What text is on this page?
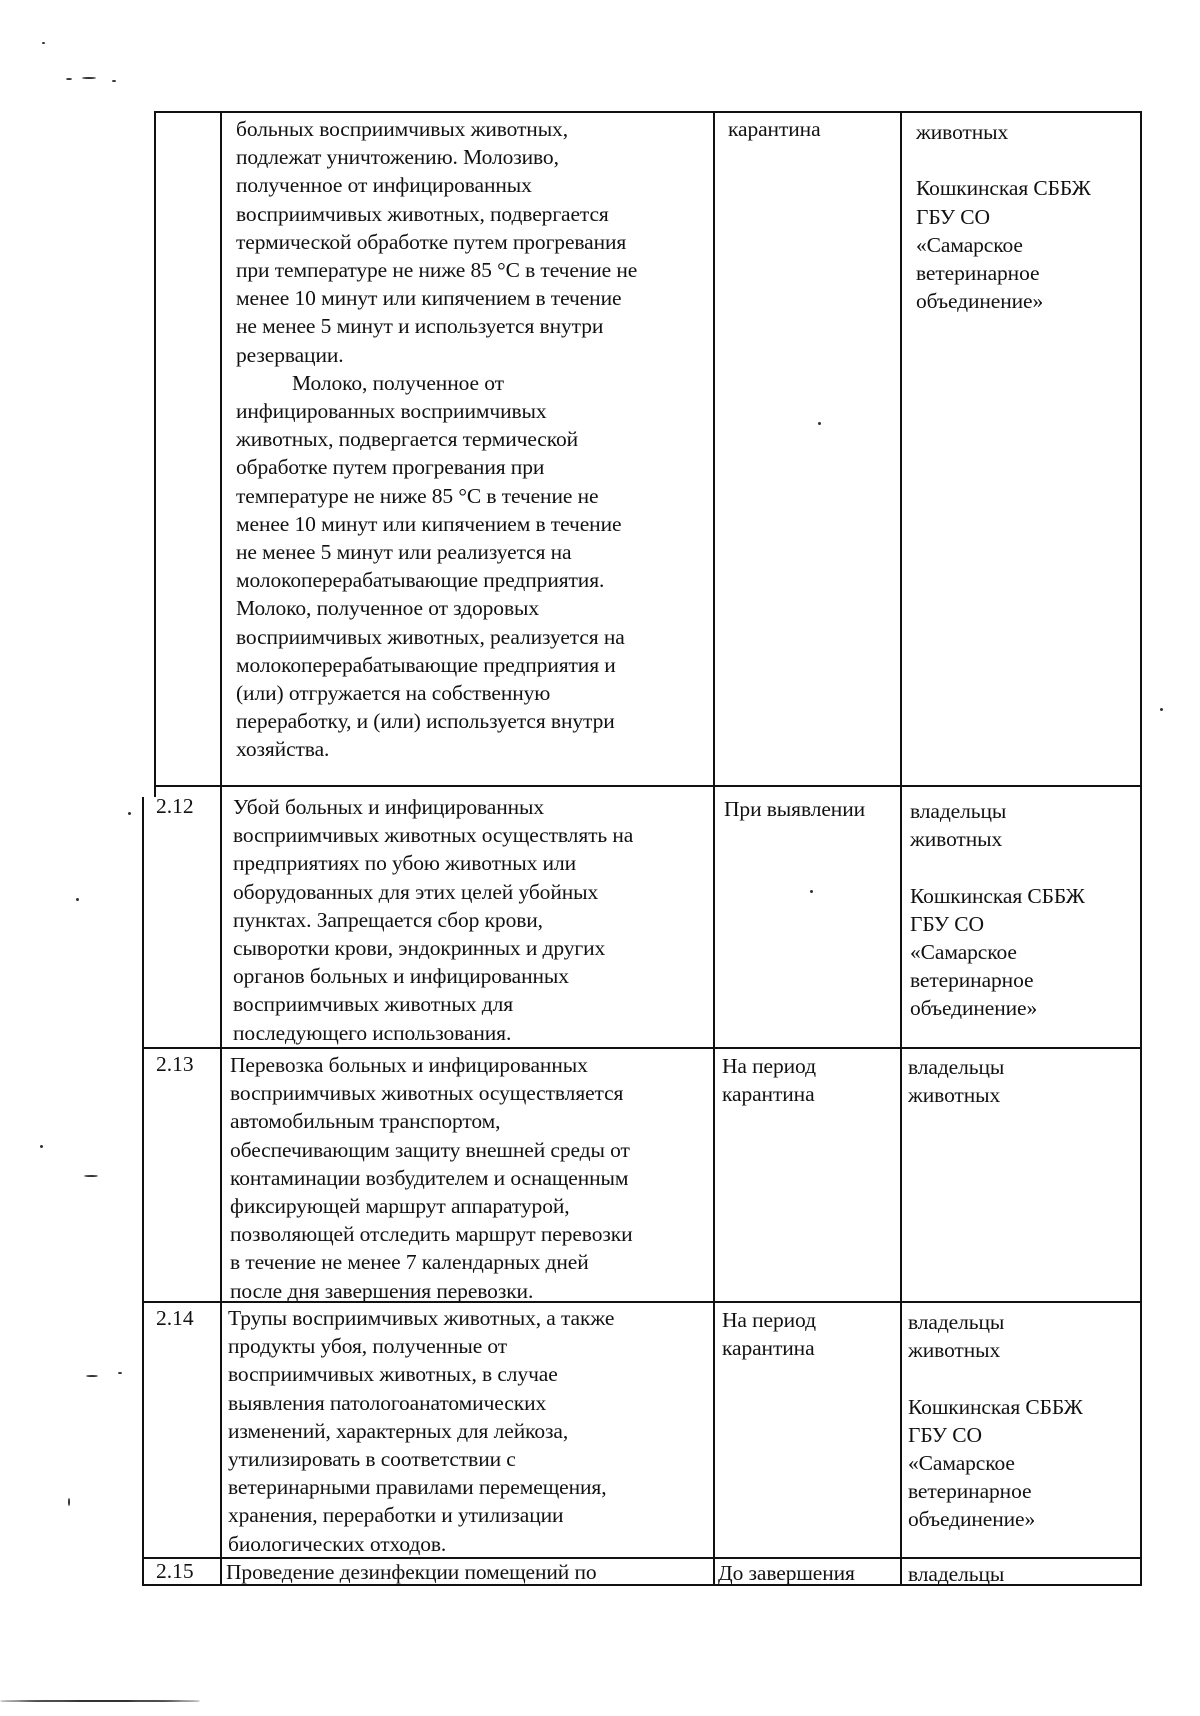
больных восприимчивых животных,
подлежат уничтожению. Молозиво,
полученное от инфицированных
восприимчивых животных, подвергается
термической обработке путем прогревания
при температуре не ниже 85 °С в течение не
менее 10 минут или кипячением в течение
не менее 5 минут и используется внутри
резервации.
Молоко, полученное от
инфицированных восприимчивых
животных, подвергается термической
обработке путем прогревания при
температуре не ниже 85 °С в течение не
менее 10 минут или кипячением в течение
не менее 5 минут или реализуется на
молокоперерабатывающие предприятия.
Молоко, полученное от здоровых
восприимчивых животных, реализуется на
молокоперерабатывающие предприятия и
(или) отгружается на собственную
переработку, и (или) используется внутри
хозяйства.
карантина	животных
Кошкинская СББЖ
ГБУ СО
«Самарское
ветеринарное
объединение»
2.12 Убой больных и инфицированных
восприимчивых животных осуществлять на
предприятиях по убою животных или
оборудованных для этих целей убойных
пунктах. Запрещается сбор крови,
сыворотки крови, эндокринных и других
органов больных и инфицированных
восприимчивых животных для
последующего использования.
При выявлении владельцы
животных
Кошкинская СББЖ
ГБУ СО
«Самарское
ветеринарное
объединение»
2.13 Перевозка больных и инфицированных
восприимчивых животных осуществляется
автомобильным транспортом,
обеспечивающим защиту внешней среды от
контаминации возбудителем и оснащенным
фиксирующей маршрут аппаратурой,
позволяющей отследить маршрут перевозки
в течение не менее 7 календарных дней
после дня завершения перевозки.
На период
карантина
владельцы
животных
2.14 Трупы восприимчивых животных, а также
продукты убоя, полученные от
восприимчивых животных, в случае
выявления патологоанатомических
изменений, характерных для лейкоза,
утилизировать в соответствии с
ветеринарными правилами перемещения,
хранения, переработки и утилизации
биологических отходов.
На период
карантина
владельцы
животных
Кошкинская СББЖ
ГБУ СО
«Самарское
ветеринарное
объединение»
2.15 Проведение дезинфекции помещений по	До завершения владельцы
